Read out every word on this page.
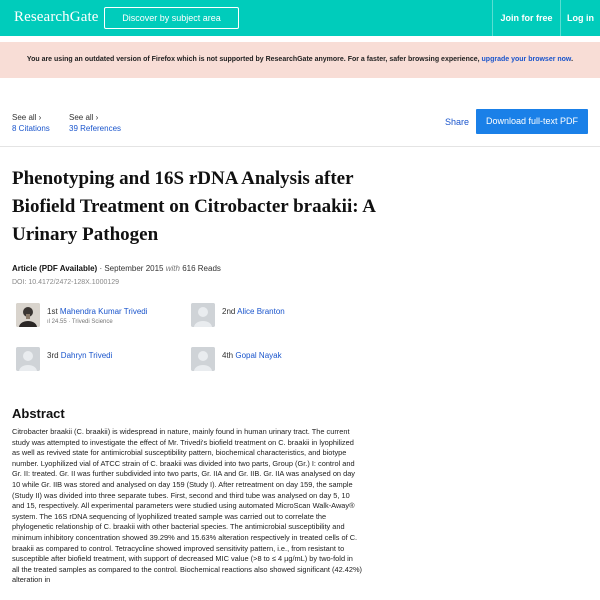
ResearchGate	Discover by subject area	Join for free	Log in
You are using an outdated version of Firefox which is not supported by ResearchGate anymore. For a faster, safer browsing experience, upgrade your browser now.
See all ›
8 Citations
See all ›
39 References
Share	Download full-text PDF
Phenotyping and 16S rDNA Analysis after Biofield Treatment on Citrobacter braakii: A Urinary Pathogen
Article (PDF Available) · September 2015 with 616 Reads
DOI: 10.4172/2472-128X.1000129
1st Mahendra Kumar Trivedi
ıl 24.55 · Trivedi Science
2nd Alice Branton
3rd Dahryn Trivedi	4th Gopal Nayak
Abstract

Citrobacter braakii (C. braakii) is widespread in nature, mainly found in human urinary tract. The current study was attempted to investigate the effect of Mr. Trivedi's biofield treatment on C. braakii in lyophilized as well as revived state for antimicrobial susceptibility pattern, biochemical characteristics, and biotype number. Lyophilized vial of ATCC strain of C. braakii was divided into two parts, Group (Gr.) I: control and Gr. II: treated. Gr. II was further subdivided into two parts, Gr. IIA and Gr. IIB. Gr. IIA was analysed on day 10 while Gr. IIB was stored and analysed on day 159 (Study I). After retreatment on day 159, the sample (Study II) was divided into three separate tubes. First, second and third tube was analysed on day 5, 10 and 15, respectively. All experimental parameters were studied using automated MicroScan Walk-Away® system. The 16S rDNA sequencing of lyophilized treated sample was carried out to correlate the phylogenetic relationship of C. braakii with other bacterial species. The antimicrobial susceptibility and minimum inhibitory concentration showed 39.29% and 15.63% alteration respectively in treated cells of C. braakii as compared to control. Tetracycline showed improved sensitivity pattern, i.e., from resistant to susceptible after biofield treatment, with support of decreased MIC value (>8 to ≤ 4 µg/mL) by two-fold in all the treated samples as compared to the control. Biochemical reactions also showed significant (42.42%) alteration in
